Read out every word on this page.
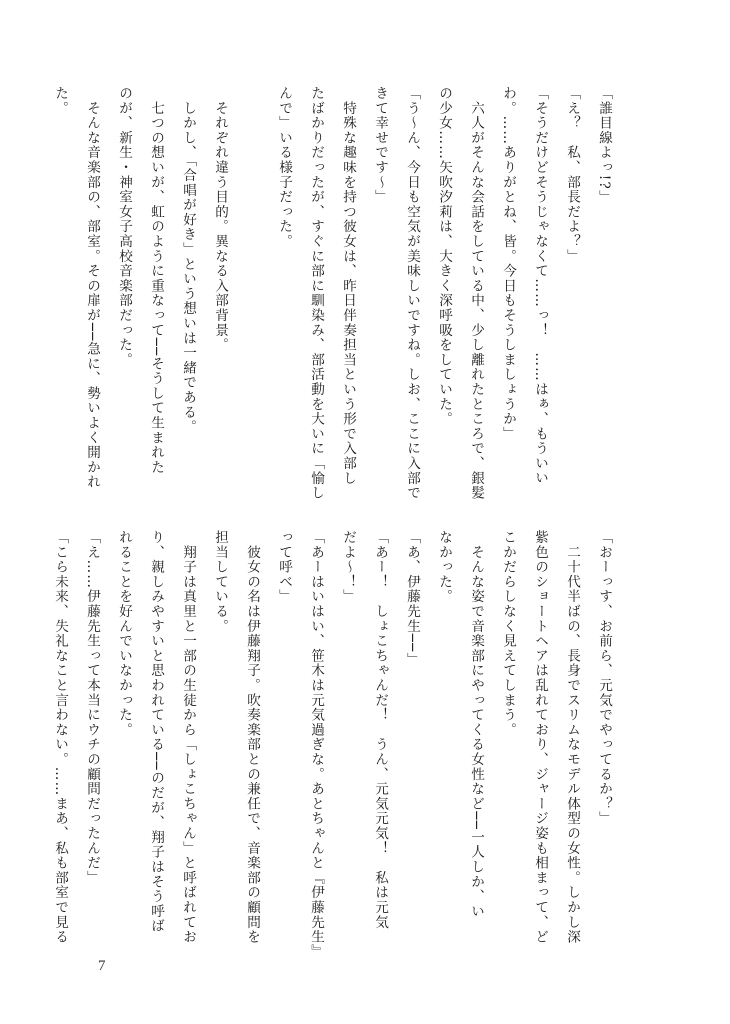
「誰目線よっ!?」
「え？　私、部長だよ？」
「そうだけどそうじゃなくて……っ！　……はぁ、もういい
わ。……ありがとね、皆。今日もそうしましょうか」
　六人がそんな会話をしている中、少し離れたところで、銀髪
の少女……矢吹汐莉は、大きく深呼吸をしていた。
「う〜ん、今日も空気が美味しいですね。しお、ここに入部で
きて幸せです〜」
　特殊な趣味を持つ彼女は、昨日伴奏担当という形で入部し
たばかりだったが、すぐに部に馴染み、部活動を大いに「愉し
んで」いる様子だった。

　それぞれ違う目的。異なる入部背景。
　しかし、「合唱が好き」という想いは一緒である。
　七つの想いが、虹のように重なって──そうして生まれた
のが、新生・神室女子高校音楽部だった。
　そんな音楽部の、部室。その扉が──急に、勢いよく開かれ
た。
「おーっす、お前ら、元気でやってるか？」
　二十代半ばの、長身でスリムなモデル体型の女性。しかし深
紫色のショートヘアは乱れており、ジャージ姿も相まって、ど
こかだらしなく見えてしまう。
　そんな姿で音楽部にやってくる女性など──一人しか、い
なかった。
「あ、伊藤先生──」
「あー！　しょこちゃんだ！　うん、元気元気！　私は元気
だよ〜！」
「あーはいはい、笹木は元気過ぎな。あとちゃんと『伊藤先生』
って呼べ」
　彼女の名は伊藤翔子。吹奏楽部との兼任で、音楽部の顧問を
担当している。
　翔子は真里と一部の生徒から「しょこちゃん」と呼ばれてお
り、親しみやすいと思われている──のだが、翔子はそう呼ば
れることを好んでいなかった。
「え……伊藤先生って本当にウチの顧問だったんだ」
「こら未来、失礼なこと言わない。……まあ、私も部室で見る
7
